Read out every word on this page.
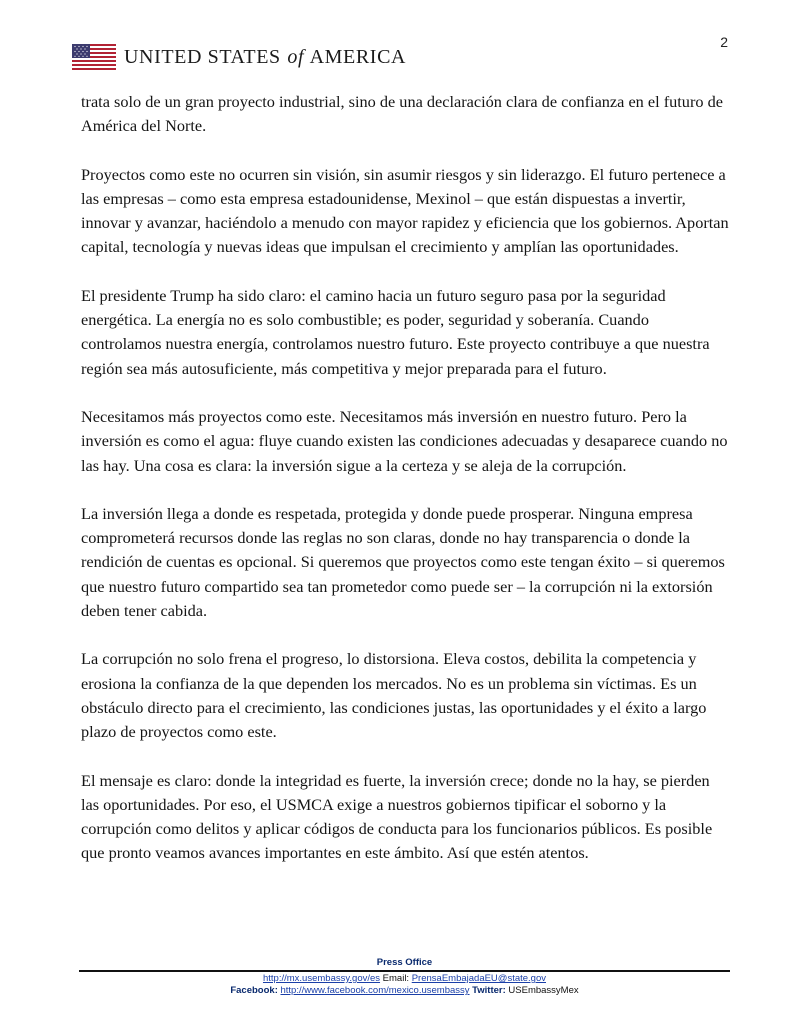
UNITED STATES of AMERICA
2

trata solo de un gran proyecto industrial, sino de una declaración clara de confianza en el futuro de América del Norte.

Proyectos como este no ocurren sin visión, sin asumir riesgos y sin liderazgo. El futuro pertenece a las empresas – como esta empresa estadounidense, Mexinol – que están dispuestas a invertir, innovar y avanzar, haciéndolo a menudo con mayor rapidez y eficiencia que los gobiernos. Aportan capital, tecnología y nuevas ideas que impulsan el crecimiento y amplían las oportunidades.

El presidente Trump ha sido claro: el camino hacia un futuro seguro pasa por la seguridad energética. La energía no es solo combustible; es poder, seguridad y soberanía. Cuando controlamos nuestra energía, controlamos nuestro futuro. Este proyecto contribuye a que nuestra región sea más autosuficiente, más competitiva y mejor preparada para el futuro.

Necesitamos más proyectos como este. Necesitamos más inversión en nuestro futuro. Pero la inversión es como el agua: fluye cuando existen las condiciones adecuadas y desaparece cuando no las hay. Una cosa es clara: la inversión sigue a la certeza y se aleja de la corrupción.

La inversión llega a donde es respetada, protegida y donde puede prosperar. Ninguna empresa comprometerá recursos donde las reglas no son claras, donde no hay transparencia o donde la rendición de cuentas es opcional. Si queremos que proyectos como este tengan éxito – si queremos que nuestro futuro compartido sea tan prometedor como puede ser – la corrupción ni la extorsión deben tener cabida.

La corrupción no solo frena el progreso, lo distorsiona. Eleva costos, debilita la competencia y erosiona la confianza de la que dependen los mercados. No es un problema sin víctimas. Es un obstáculo directo para el crecimiento, las condiciones justas, las oportunidades y el éxito a largo plazo de proyectos como este.

El mensaje es claro: donde la integridad es fuerte, la inversión crece; donde no la hay, se pierden las oportunidades. Por eso, el USMCA exige a nuestros gobiernos tipificar el soborno y la corrupción como delitos y aplicar códigos de conducta para los funcionarios públicos. Es posible que pronto veamos avances importantes en este ámbito. Así que estén atentos.

Press Office
http://mx.usembassy.gov/es Email: PrensaEmbajadaEU@state.gov
Facebook: http://www.facebook.com/mexico.usembassy Twitter: USEmbassyMex
